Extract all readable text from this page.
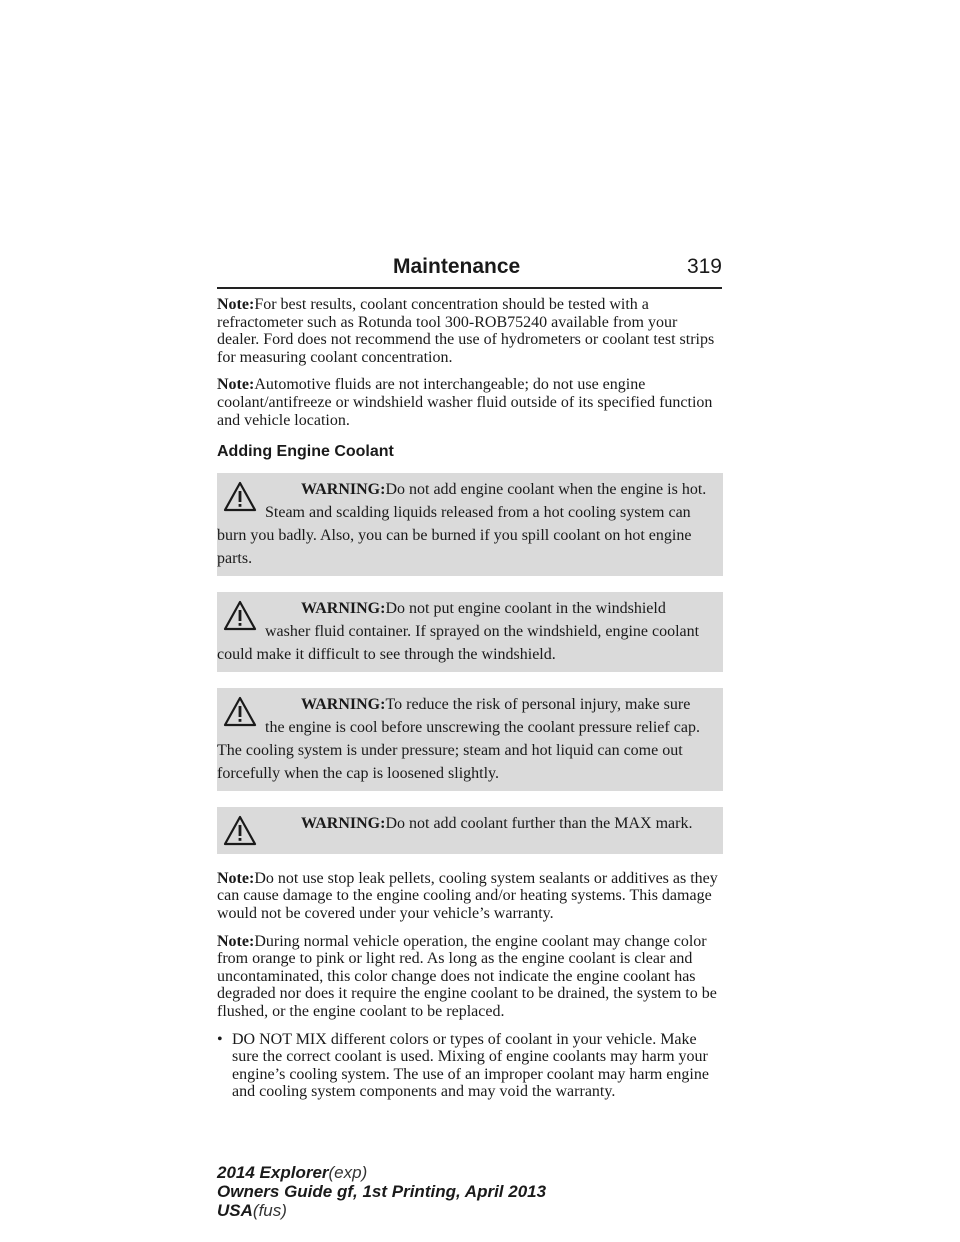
Maintenance	319

Note:For best results, coolant concentration should be tested with a refractometer such as Rotunda tool 300-ROB75240 available from your dealer. Ford does not recommend the use of hydrometers or coolant test strips for measuring coolant concentration.

Note:Automotive fluids are not interchangeable; do not use engine coolant/antifreeze or windshield washer fluid outside of its specified function and vehicle location.

Adding Engine Coolant
WARNING:Do not add engine coolant when the engine is hot. Steam and scalding liquids released from a hot cooling system can burn you badly. Also, you can be burned if you spill coolant on hot engine parts.
WARNING:Do not put engine coolant in the windshield washer fluid container. If sprayed on the windshield, engine coolant could make it difficult to see through the windshield.
WARNING:To reduce the risk of personal injury, make sure the engine is cool before unscrewing the coolant pressure relief cap. The cooling system is under pressure; steam and hot liquid can come out forcefully when the cap is loosened slightly.
WARNING:Do not add coolant further than the MAX mark.

Note:Do not use stop leak pellets, cooling system sealants or additives as they can cause damage to the engine cooling and/or heating systems. This damage would not be covered under your vehicle’s warranty.

Note:During normal vehicle operation, the engine coolant may change color from orange to pink or light red. As long as the engine coolant is clear and uncontaminated, this color change does not indicate the engine coolant has degraded nor does it require the engine coolant to be drained, the system to be flushed, or the engine coolant to be replaced.

• DO NOT MIX different colors or types of coolant in your vehicle. Make sure the correct coolant is used. Mixing of engine coolants may harm your engine’s cooling system. The use of an improper coolant may harm engine and cooling system components and may void the warranty.
2014 Explorer(exp)
Owners Guide gf, 1st Printing, April 2013
USA(fus)
